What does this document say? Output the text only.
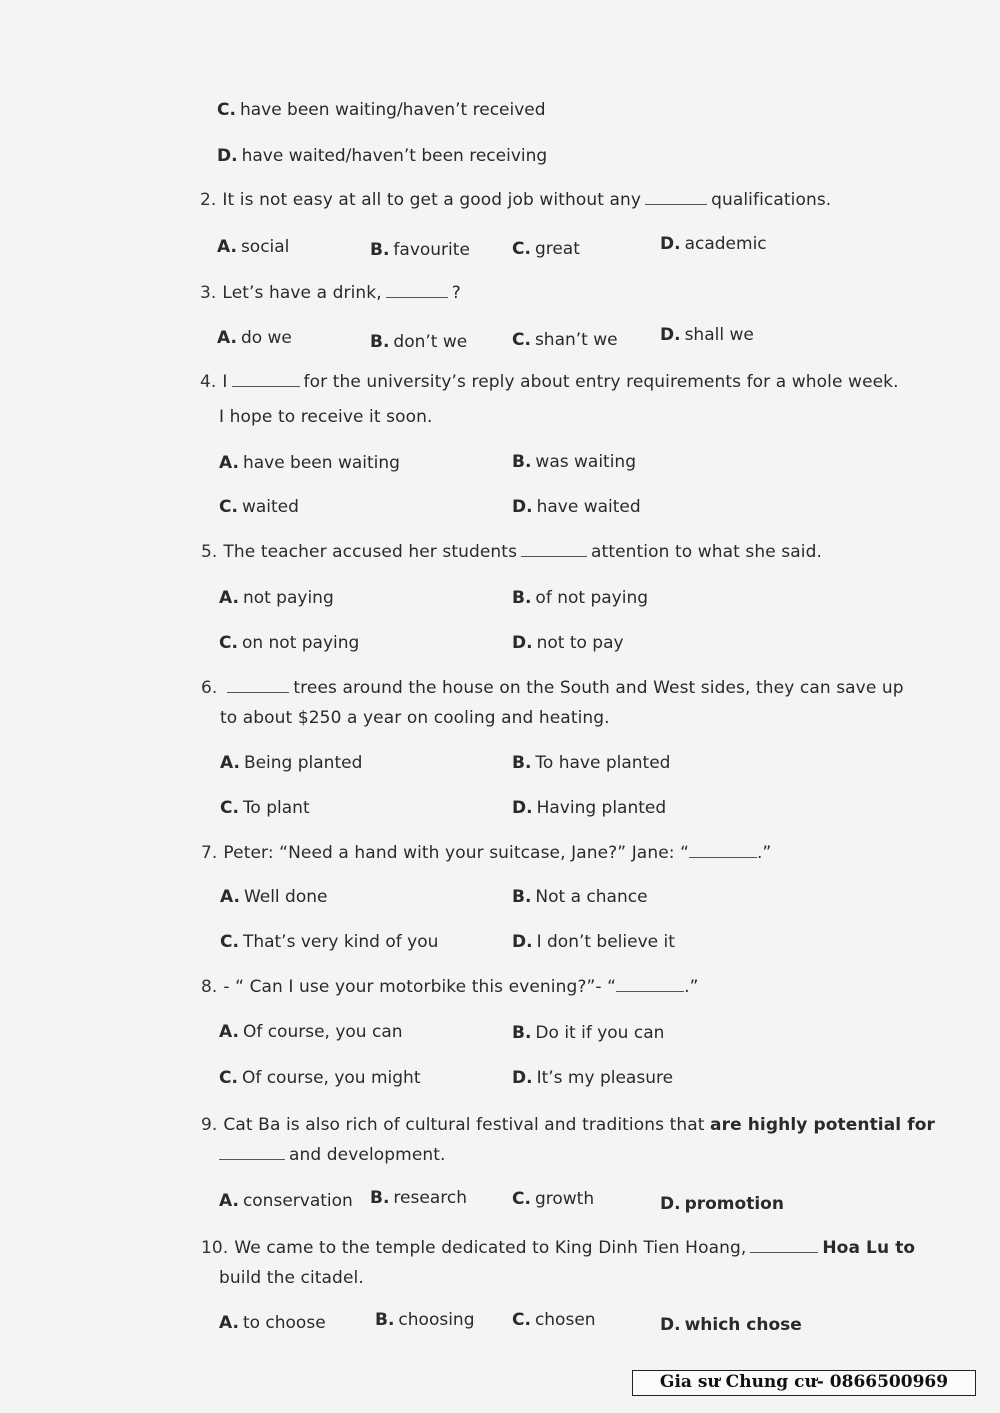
C. have been waiting/haven’t received
D. have waited/haven’t been receiving
2. It is not easy at all to get a good job without any	qualifications.
A. social	B. favourite C. great	D. academic
3. Let’s have a drink,	?
A. do we	B. don’t we	C. shan’t we D. shall we
4. I	for the university’s reply about entry requirements for a whole week.
I hope to receive it soon.
A. have been waiting	B. was waiting
C. waited	D. have waited
5. The teacher accused her students	attention to what she said.
A. not paying	B. of not paying
C. on not paying	D. not to pay
6.	trees around the house on the South and West sides, they can save up
to about $250 a year on cooling and heating.
A. Being planted	B. To have planted
C. To plant	D. Having planted
7. Peter: “Need a hand with your suitcase, Jane?” Jane: “	.”
A. Well done	B. Not a chance
C. That’s very kind of you	D. I don’t believe it
8. - “ Can I use your motorbike this evening?”- “	.”
A. Of course, you can	B. Do it if you can
C. Of course, you might	D. It’s my pleasure
9. Cat Ba is also rich of cultural festival and traditions that are highly potential for
and development.
A. conservation B. research	C. growth	D. promotion
10. We came to the temple dedicated to King Dinh Tien Hoang,	Hoa Lu to
build the citadel.
A. to choose	B. choosing C. chosen	D. which chose
Gia sư Chung cư- 0866500969
